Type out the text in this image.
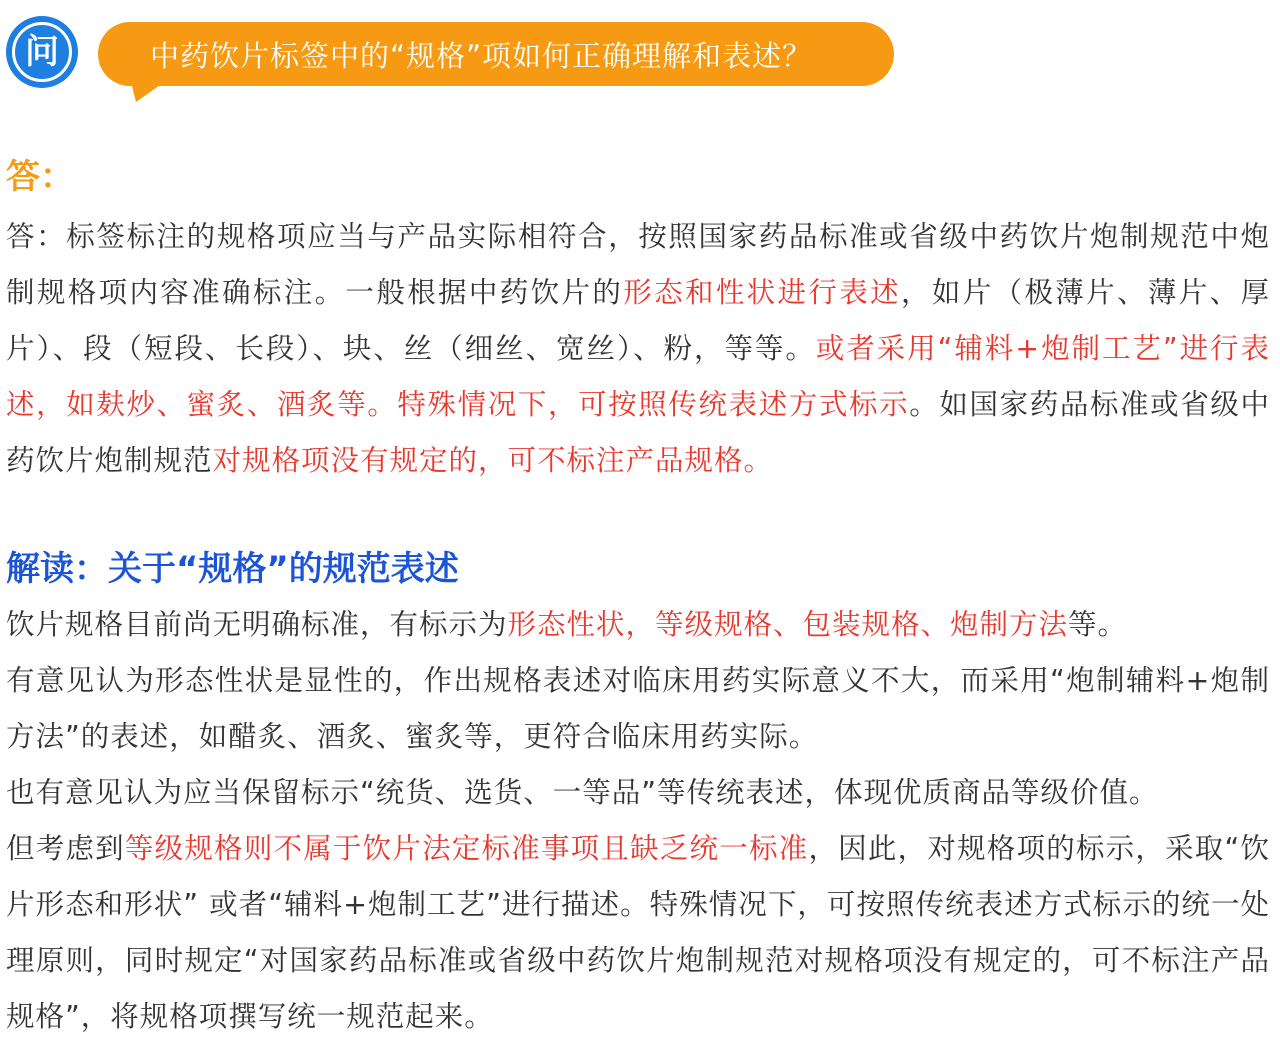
问	中药饮片标签中的“规格”项如何正确理解和表述？
答：

答：标签标注的规格项应当与产品实际相符合，按照国家药品标准或省级中药饮片炮制规范中炮制规格项内容准确标注。一般根据中药饮片的形态和性状进行表述，如片（极薄片、薄片、厚片）、段（短段、长段）、块、丝（细丝、宽丝）、粉，等等。或者采用“辅料+炮制工艺”进行表述，如麸炒、蜜炙、酒炙等。特殊情况下，可按照传统表述方式标示。如国家药品标准或省级中药饮片炮制规范对规格项没有规定的，可不标注产品规格。

解读：关于“规格”的规范表述
饮片规格目前尚无明确标准，有标示为形态性状，等级规格、包装规格、炮制方法等。
有意见认为形态性状是显性的，作出规格表述对临床用药实际意义不大，而采用“炮制辅料+炮制方法”的表述，如醋炙、酒炙、蜜炙等，更符合临床用药实际。
也有意见认为应当保留标示“统货、选货、一等品”等传统表述，体现优质商品等级价值。
但考虑到等级规格则不属于饮片法定标准事项且缺乏统一标准，因此，对规格项的标示，采取“饮片形态和形状” 或者“辅料+炮制工艺”进行描述。特殊情况下，可按照传统表述方式标示的统一处理原则，同时规定“对国家药品标准或省级中药饮片炮制规范对规格项没有规定的，可不标注产品规格”，将规格项撰写统一规范起来。
